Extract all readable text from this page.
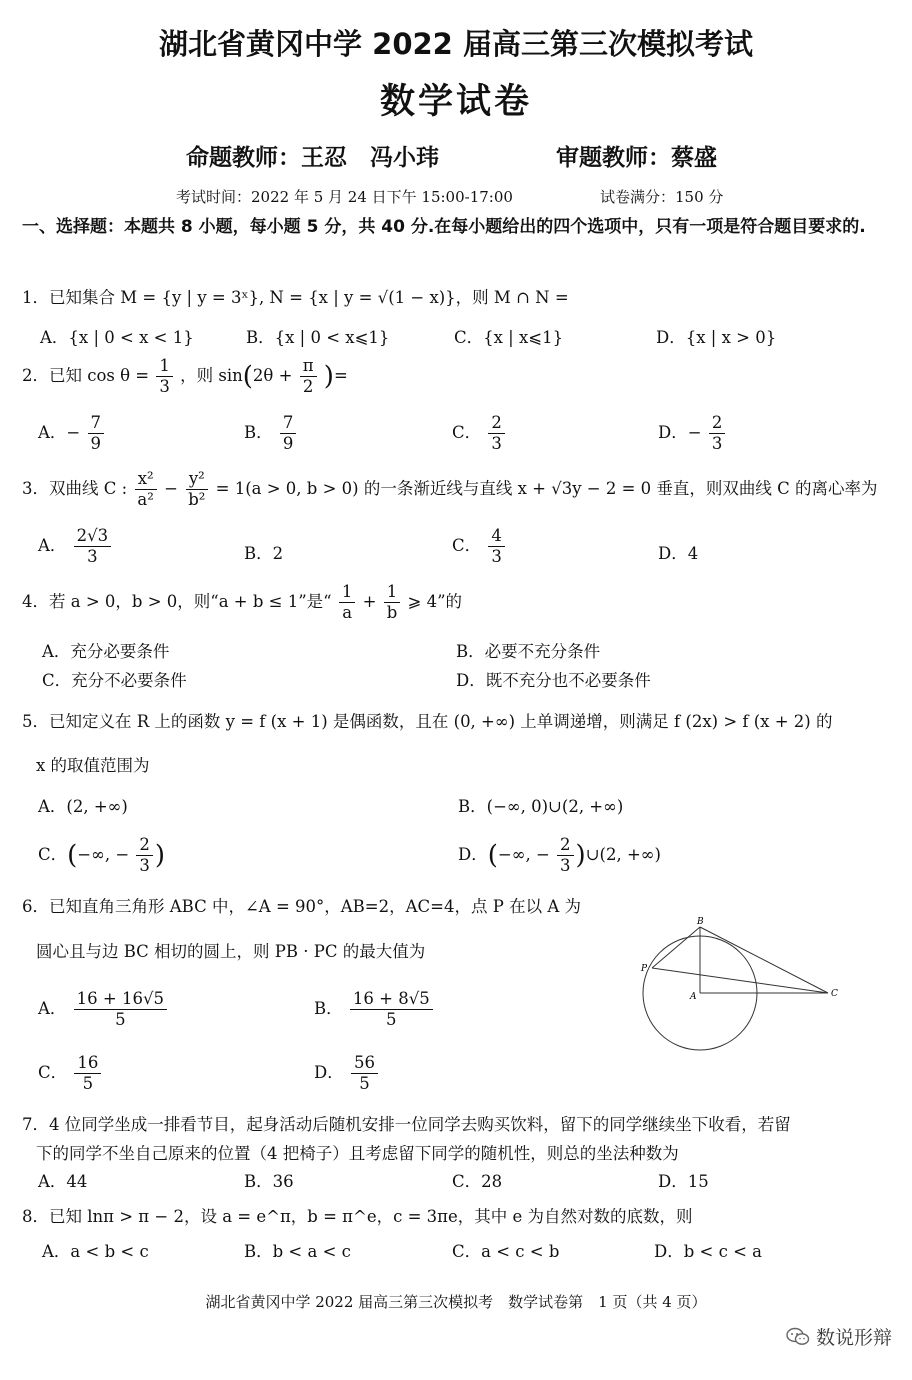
湖北省黄冈中学 2022 届高三第三次模拟考试
数学试卷
命题教师：王忍　冯小玮	审题教师：蔡盛
考试时间：2022 年 5 月 24 日下午 15:00-17:00	试卷满分：150 分
一、选择题：本题共 8 小题，每小题 5 分，共 40 分.在每小题给出的四个选项中，只有一项是符合题目要求的.
1．已知集合 M = {y | y = 3ˣ}, N = {x | y = √(1 − x)}，则 M ∩ N =
A．{x | 0 < x < 1}	B．{x | 0 < x⩽1}	C．{x | x⩽1}	D．{x | x > 0}
2．已知 $\cos \theta = \frac{1}{3}$ ，则 $\sin(2\theta + \frac{\pi}{2}$ )=
A．− $\frac{7}{9}$	B． $\frac{7}{9}$	C． $\frac{2}{3}$	D．− $\frac{2}{3}$
3．双曲线 C : $\frac{\text{x²}}{\text{a²}} - \frac{\text{y²}}{\text{b²}} = 1(a > 0$, b > 0) 的一条渐近线与直线 x + √3y − 2 = 0 垂直，则双曲线 C 的离心率为
A． $\frac{2√3}{3}$	B．2	C． $\frac{4}{3}$	D．4
4．若 a > 0，b > 0，则“a + b ≤ 1”是“ $\frac{1}{a} + \frac{1}{b}$ ⩾ 4”的
A．充分必要条件	B．必要不充分条件
C．充分不必要条件	D．既不充分也不必要条件
5．已知定义在 R 上的函数 y = f (x + 1) 是偶函数，且在 (0, +∞) 上单调递增，则满足 f (2x) > f (x + 2) 的
x 的取值范围为
A．(2, +∞)	B．(−∞, 0)∪(2, +∞)
C．(−∞, − $\frac{2}{3}$ )	D．(−∞, − $\frac{2}{3}$ )∪(2, +∞)
6．已知直角三角形 ABC 中，∠A = 90°，AB=2，AC=4，点 P 在以 A 为
圆心且与边 BC 相切的圆上，则 PB · PC 的最大值为
A． $\frac{16 + 16√5}{5}$	B． $\frac{16 + 8√5}{5}$
C． $\frac{16}{5}$	D． $\frac{56}{5}$
B
P
A	C
7．4 位同学坐成一排看节目，起身活动后随机安排一位同学去购买饮料，留下的同学继续坐下收看，若留
下的同学不坐自己原来的位置（4 把椅子）且考虑留下同学的随机性，则总的坐法种数为
A．44	B．36	C．28	D．15
8．已知 lnπ > π − 2，设 a = e^π，b = π^e，c = 3πe，其中 e 为自然对数的底数，则
A．a < b < c	B．b < a < c	C．a < c < b	D．b < c < a
湖北省黄冈中学 2022 届高三第三次模拟考　数学试卷第　1 页（共 4 页）
数说形辩
